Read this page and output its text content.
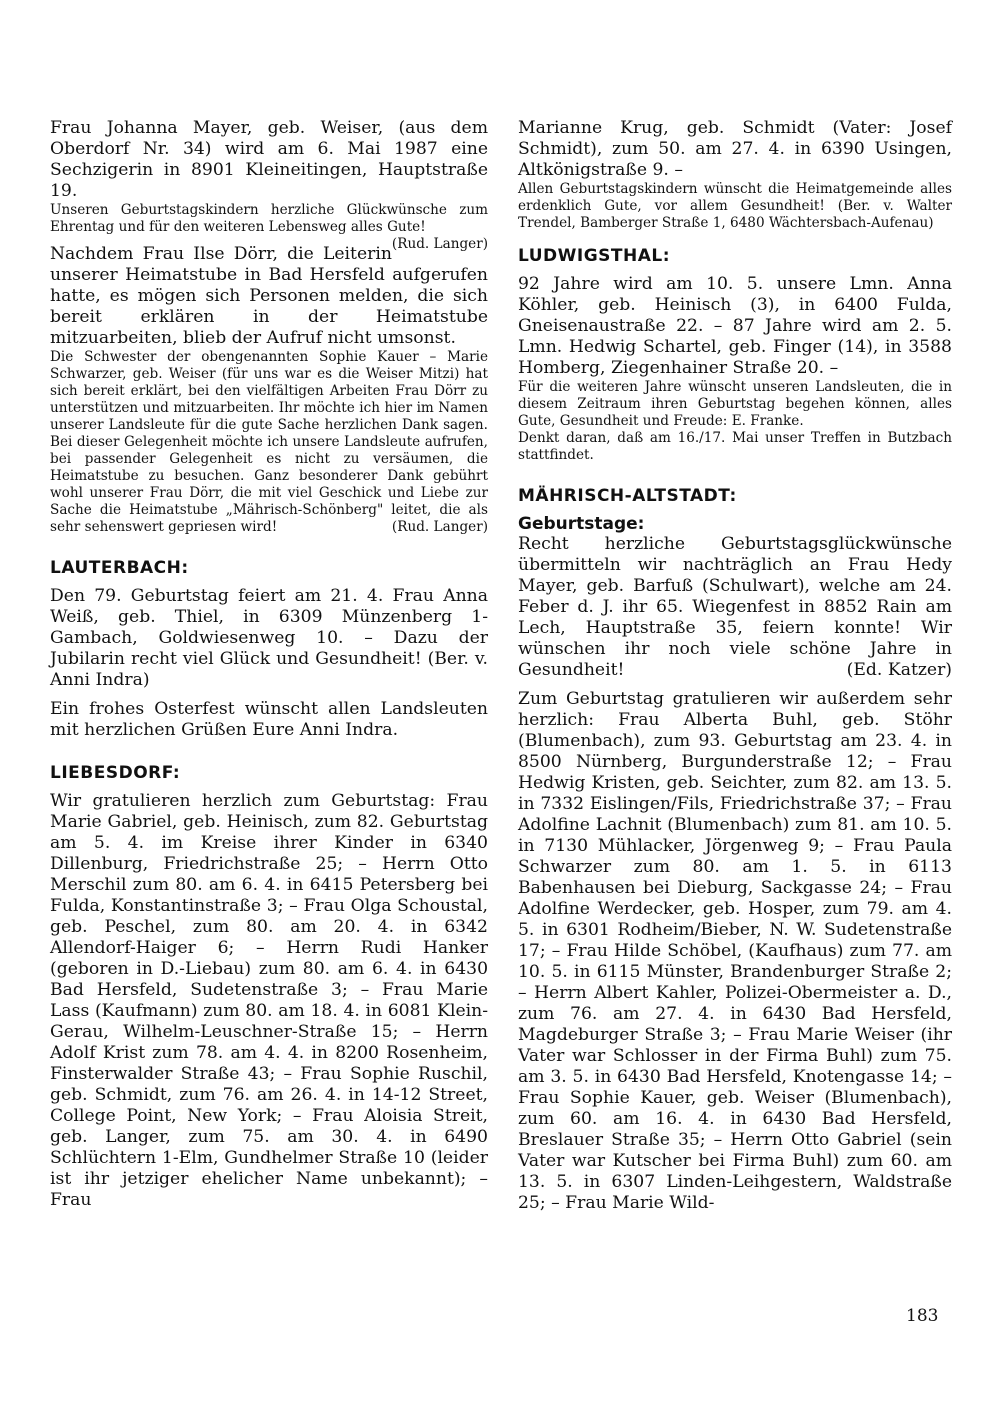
Frau Johanna Mayer, geb. Weiser, (aus dem Oberdorf Nr. 34) wird am 6. Mai 1987 eine Sechzigerin in 8901 Kleineitingen, Hauptstraße 19.

Unseren Geburtstagskindern herzliche Glückwünsche zum Ehrentag und für den weiteren Lebensweg alles Gute!
(Rud. Langer)

Nachdem Frau Ilse Dörr, die Leiterin unserer Heimatstube in Bad Hersfeld aufgerufen hatte, es mögen sich Personen melden, die sich bereit erklären in der Heimatstube mitzuarbeiten, blieb der Aufruf nicht umsonst.

Die Schwester der obengenannten Sophie Kauer – Marie Schwarzer, geb. Weiser (für uns war es die Weiser Mitzi) hat sich bereit erklärt, bei den vielfältigen Arbeiten Frau Dörr zu unterstützen und mitzuarbeiten. Ihr möchte ich hier im Namen unserer Landsleute für die gute Sache herzlichen Dank sagen. Bei dieser Gelegenheit möchte ich unsere Landsleute aufrufen, bei passender Gelegenheit es nicht zu versäumen, die Heimatstube zu besuchen. Ganz besonderer Dank gebührt wohl unserer Frau Dörr, die mit viel Geschick und Liebe zur Sache die Heimatstube „Mährisch-Schönberg" leitet, die als sehr sehenswert gepriesen wird!	(Rud. Langer)

LAUTERBACH:

Den 79. Geburtstag feiert am 21. 4. Frau Anna Weiß, geb. Thiel, in 6309 Münzenberg 1-Gambach, Goldwiesenweg 10. – Dazu der Jubilarin recht viel Glück und Gesundheit! (Ber. v. Anni Indra)

Ein frohes Osterfest wünscht allen Landsleuten mit herzlichen Grüßen Eure Anni Indra.

LIEBESDORF:

Wir gratulieren herzlich zum Geburtstag: Frau Marie Gabriel, geb. Heinisch, zum 82. Geburtstag am 5. 4. im Kreise ihrer Kinder in 6340 Dillenburg, Friedrichstraße 25; – Herrn Otto Merschil zum 80. am 6. 4. in 6415 Petersberg bei Fulda, Konstantinstraße 3; – Frau Olga Schoustal, geb. Peschel, zum 80. am 20. 4. in 6342 Allendorf-Haiger 6; – Herrn Rudi Hanker (geboren in D.-Liebau) zum 80. am 6. 4. in 6430 Bad Hersfeld, Sudetenstraße 3; – Frau Marie Lass (Kaufmann) zum 80. am 18. 4. in 6081 Klein-Gerau, Wilhelm-Leuschner-Straße 15; – Herrn Adolf Krist zum 78. am 4. 4. in 8200 Rosenheim, Finsterwalder Straße 43; – Frau Sophie Ruschil, geb. Schmidt, zum 76. am 26. 4. in 14-12 Street, College Point, New York; – Frau Aloisia Streit, geb. Langer, zum 75. am 30. 4. in 6490 Schlüchtern 1-Elm, Gundhelmer Straße 10 (leider ist ihr jetziger ehelicher Name unbekannt); – Frau

Marianne Krug, geb. Schmidt (Vater: Josef Schmidt), zum 50. am 27. 4. in 6390 Usingen, Altkönigstraße 9. –

Allen Geburtstagskindern wünscht die Heimatgemeinde alles erdenklich Gute, vor allem Gesundheit! (Ber. v. Walter Trendel, Bamberger Straße 1, 6480 Wächtersbach-Aufenau)

LUDWIGSTHAL:

92 Jahre wird am 10. 5. unsere Lmn. Anna Köhler, geb. Heinisch (3), in 6400 Fulda, Gneisenaustraße 22. – 87 Jahre wird am 2. 5. Lmn. Hedwig Schartel, geb. Finger (14), in 3588 Homberg, Ziegenhainer Straße 20. –

Für die weiteren Jahre wünscht unseren Landsleuten, die in diesem Zeitraum ihren Geburtstag begehen können, alles Gute, Gesundheit und Freude: E. Franke.

Denkt daran, daß am 16./17. Mai unser Treffen in Butzbach stattfindet.

MÄHRISCH-ALTSTADT:
Geburtstage:

Recht herzliche Geburtstagsglückwünsche übermitteln wir nachträglich an Frau Hedy Mayer, geb. Barfuß (Schulwart), welche am 24. Feber d. J. ihr 65. Wiegenfest in 8852 Rain am Lech, Hauptstraße 35, feiern konnte! Wir wünschen ihr noch viele schöne Jahre in Gesundheit!	(Ed. Katzer)

Zum Geburtstag gratulieren wir außerdem sehr herzlich: Frau Alberta Buhl, geb. Stöhr (Blumenbach), zum 93. Geburtstag am 23. 4. in 8500 Nürnberg, Burgunderstraße 12; – Frau Hedwig Kristen, geb. Seichter, zum 82. am 13. 5. in 7332 Eislingen/Fils, Friedrichstraße 37; – Frau Adolfine Lachnit (Blumenbach) zum 81. am 10. 5. in 7130 Mühlacker, Jörgenweg 9; – Frau Paula Schwarzer zum 80. am 1. 5. in 6113 Babenhausen bei Dieburg, Sackgasse 24; – Frau Adolfine Werdecker, geb. Hosper, zum 79. am 4. 5. in 6301 Rodheim/Bieber, N. W. Sudetenstraße 17; – Frau Hilde Schöbel, (Kaufhaus) zum 77. am 10. 5. in 6115 Münster, Brandenburger Straße 2; – Herrn Albert Kahler, Polizei-Obermeister a. D., zum 76. am 27. 4. in 6430 Bad Hersfeld, Magdeburger Straße 3; – Frau Marie Weiser (ihr Vater war Schlosser in der Firma Buhl) zum 75. am 3. 5. in 6430 Bad Hersfeld, Knotengasse 14; – Frau Sophie Kauer, geb. Weiser (Blumenbach), zum 60. am 16. 4. in 6430 Bad Hersfeld, Breslauer Straße 35; – Herrn Otto Gabriel (sein Vater war Kutscher bei Firma Buhl) zum 60. am 13. 5. in 6307 Linden-Leihgestern, Waldstraße 25; – Frau Marie Wild-

183
